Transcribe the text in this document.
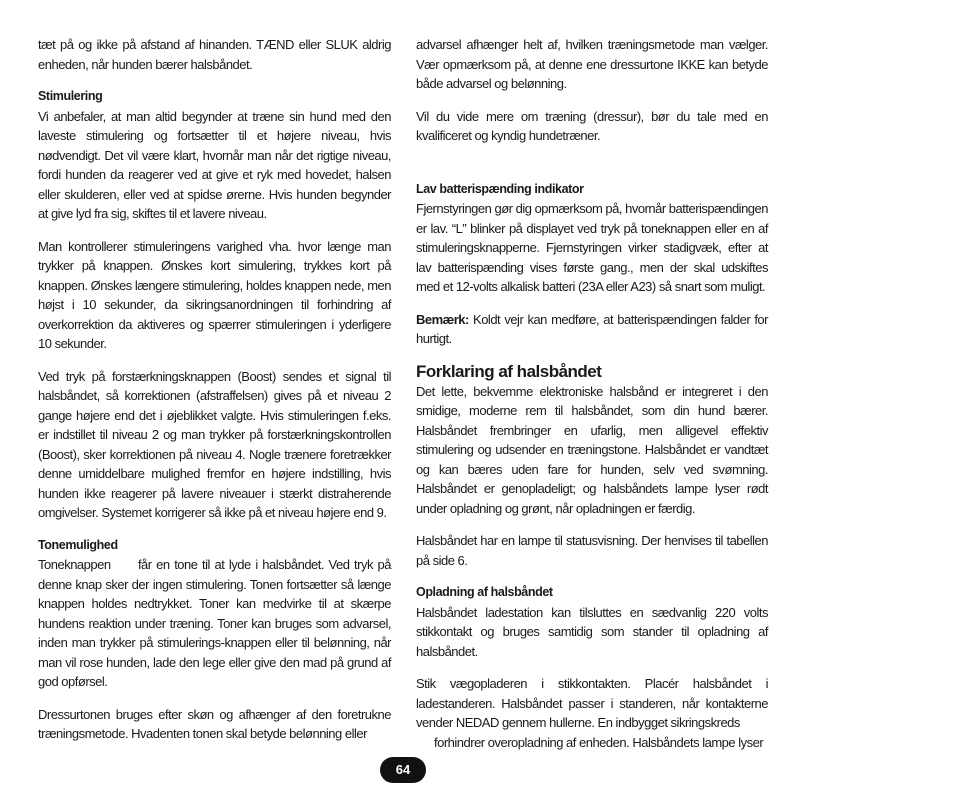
tæt på og ikke på afstand af hinanden. TÆND eller SLUK aldrig enheden, når hunden bærer halsbåndet.

Stimulering

Vi anbefaler, at man altid begynder at træne sin hund med den laveste stimulering og fortsætter til et højere niveau, hvis nødvendigt. Det vil være klart, hvornår man når det rigtige niveau, fordi hunden da reagerer ved at give et ryk med hovedet, halsen eller skulderen, eller ved at spidse ørerne. Hvis hunden begynder at give lyd fra sig, skiftes til et lavere niveau.

Man kontrollerer stimuleringens varighed vha. hvor længe man trykker på knappen. Ønskes kort simulering, trykkes kort på knappen. Ønskes længere stimulering, holdes knappen nede, men højst i 10 sekunder, da sikringsanordningen til forhindring af overkorrektion da aktiveres og spærrer stimuleringen i yderligere 10 sekunder.

Ved tryk på forstærkningsknappen (Boost) sendes et signal til halsbåndet, så korrektionen (afstraffelsen) gives på et niveau 2 gange højere end det i øjeblikket valgte. Hvis stimuleringen f.eks. er indstillet til niveau 2 og man trykker på forstærkningskontrollen (Boost), sker korrektionen på niveau 4. Nogle trænere foretrækker denne umiddelbare mulighed fremfor en højere indstilling, hvis hunden ikke reagerer på lavere niveauer i stærkt distraherende omgivelser. Systemet korrigerer så ikke på et niveau højere end 9.

Tonemulighed

Toneknappen      får en tone til at lyde i halsbåndet. Ved tryk på denne knap sker der ingen stimulering. Tonen fortsætter så længe knappen holdes nedtrykket. Toner kan medvirke til at skærpe hundens reaktion under træning. Toner kan bruges som advarsel, inden man trykker på stimulerings-knappen eller til belønning, når man vil rose hunden, lade den lege eller give den mad på grund af god opførsel.

Dressurtonen bruges efter skøn og afhænger af den foretrukne træningsmetode. Hvadenten tonen skal betyde belønning eller

advarsel afhænger helt af, hvilken træningsmetode man vælger. Vær opmærksom på, at denne ene dressurtone IKKE kan betyde både advarsel og belønning.

Vil du vide mere om træning (dressur), bør du tale med en kvalificeret og kyndig hundetræner.

Lav batterispænding indikator

Fjernstyringen gør dig opmærksom på, hvornår batterispændingen er lav. “L” blinker på displayet ved tryk på toneknappen eller en af stimuleringsknapperne. Fjernstyringen virker stadigvæk, efter at lav batterispænding vises første gang., men der skal udskiftes med et 12-volts alkalisk batteri (23A eller A23) så snart som muligt.

Bemærk: Koldt vejr kan medføre, at batterispændingen falder for hurtigt.

Forklaring af halsbåndet

Det lette, bekvemme elektroniske halsbånd er integreret i den smidige, moderne rem til halsbåndet, som din hund bærer. Halsbåndet frembringer en ufarlig, men alligevel effektiv stimulering og udsender en træningstone. Halsbåndet er vandtæt og kan bæres uden fare for hunden, selv ved svømning. Halsbåndet er genopladeligt; og halsbåndets lampe lyser rødt under opladning og grønt, når opladningen er færdig.

Halsbåndet har en lampe til statusvisning. Der henvises til tabellen på side 6.

Opladning af halsbåndet

Halsbåndet ladestation kan tilsluttes en sædvanlig 220 volts stikkontakt og bruges samtidig som stander til opladning af halsbåndet.

Stik vægopladeren i stikkontakten. Placér halsbåndet i ladestanderen. Halsbåndet passer i standeren, når kontakterne vender NEDAD gennem hullerne. En indbygget sikringskreds

forhindrer overopladning af enheden. Halsbåndets lampe lyser

64
